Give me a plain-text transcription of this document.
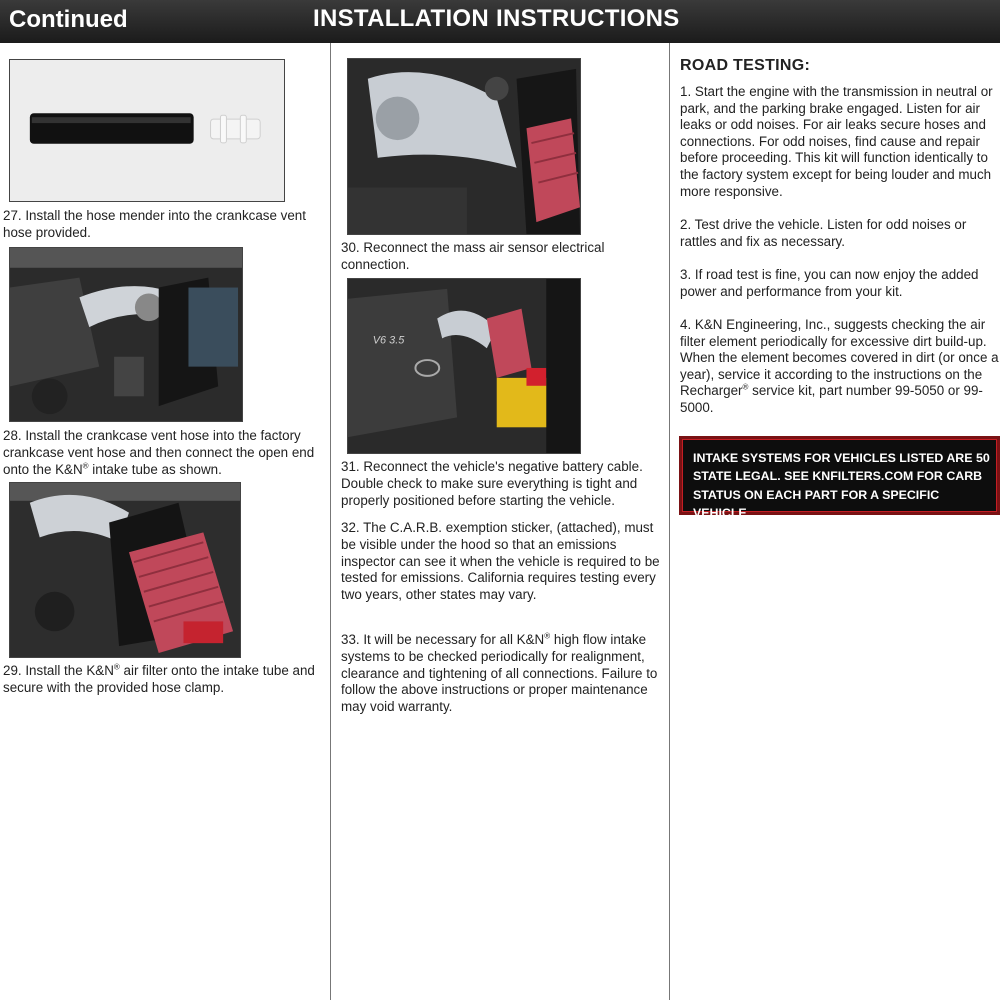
Continued	INSTALLATION INSTRUCTIONS
27. Install the hose mender into the crankcase vent hose provided.
28. Install the crankcase vent hose into the factory crankcase vent hose and then connect the open end onto the K&N® intake tube as shown.
29. Install the K&N® air filter onto the intake tube and secure with the provided hose clamp.
30. Reconnect the mass air sensor electrical connection.
V6 3.5
31. Reconnect the vehicle's negative battery cable. Double check to make sure everything is tight and properly positioned before starting the vehicle.
32. The C.A.R.B. exemption sticker, (attached), must be visible under the hood so that an emissions inspector can see it when the vehicle is required to be tested for emissions. California requires testing every two years, other states may vary.
33. It will be necessary for all K&N® high flow intake systems to be checked periodically for realignment, clearance and tightening of all connections. Failure to follow the above instructions or proper maintenance may void warranty.
ROAD TESTING:
1. Start the engine with the transmission in neutral or park, and the parking brake engaged. Listen for air leaks or odd noises. For air leaks secure hoses and connections. For odd noises, find cause and repair before proceeding. This kit will function identically to the factory system except for being louder and much more responsive.
2. Test drive the vehicle. Listen for odd noises or rattles and fix as necessary.
3. If road test is fine, you can now enjoy the added power and performance from your kit.
4. K&N Engineering, Inc., suggests checking the air filter element periodically for excessive dirt build-up. When the element becomes covered in dirt (or once a year), service it according to the instructions on the Recharger® service kit, part number 99-5050 or 99-5000.
INTAKE SYSTEMS FOR VEHICLES LISTED ARE 50 STATE LEGAL. SEE KNFILTERS.COM FOR CARB STATUS ON EACH PART FOR A SPECIFIC VEHICLE.
